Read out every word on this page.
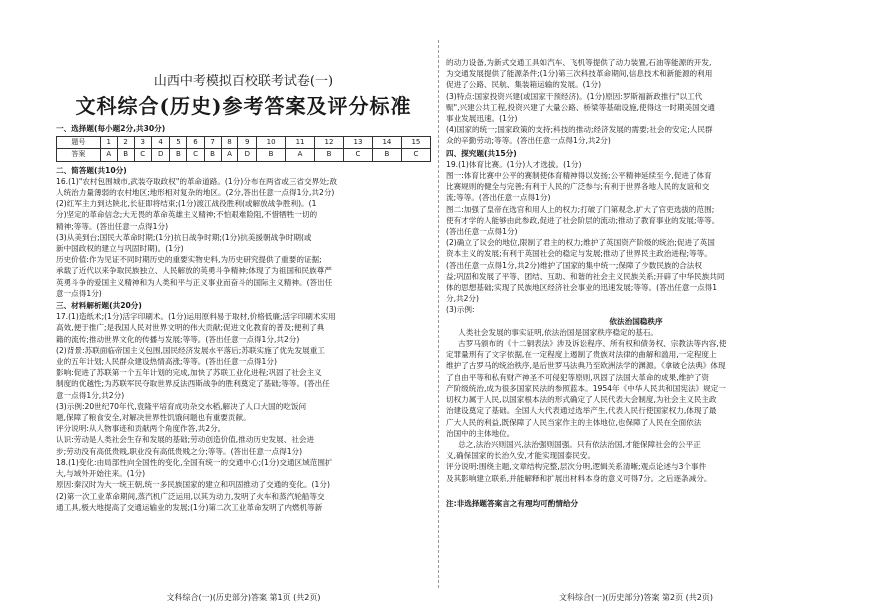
山西中考模拟百校联考试卷(一)
文科综合(历史)参考答案及评分标准
一、选择题(每小题2分,共30分)
题号	1	2	3	4	5	6	7	8	9	10	11	12	13	14	15
答案	A	B	C	D	B	C	B	A	D	B	A	B	C	B	C
二、简答题(共10分)
16.(1)"农村包围城市,武装夺取政权"的革命道路。(1分)分布在两省或三省交界处;敌
人统治力量薄弱的农村地区;地形相对复杂的地区。(2分,答出任意一点得1分,共2分)
(2)红军主力到达陕北,长征即将结束;(1分)渡江战役胜利(或解放战争胜利)。(1
分)坚定的革命信念;大无畏的革命英雄主义精神;不怕艰难险阻,不惜牺牲一切的
精神;等等。(答出任意一点得1分)
(3)从美到台;国民大革命时期;(1分)抗日战争时期;(1分)抗美援朝战争时期(或
新中国政权的建立与巩固时期)。(1分)
历史价值:作为见证不同时期历史的重要实物史料,为历史研究提供了重要的证据;
承载了近代以来争取民族独立、人民解放的英勇斗争精神;体现了为祖国和民族尊严
英勇斗争的爱国主义精神和为人类和平与正义事业而奋斗的国际主义精神。(答出任
意一点得1分)
三、材料解析题(共20分)
17.(1)造纸术;(1分)活字印刷术。(1分)运用原料易于取材,价格低廉;活字印刷术实用
高效,便于推广;是我国人民对世界文明的伟大贡献;促进文化教育的普及;便利了典
籍的流传;推动世界文化的传播与发展;等等。(答出任意一点得1分,共2分)
(2)背景:苏联面临帝国主义包围,国民经济发展水平落后;苏联实施了优先发展重工
业的五年计划;人民群众建设热情高涨;等等。(答出任意一点得1分)
影响:促进了苏联第一个五年计划的完成,加快了苏联工业化进程;巩固了社会主义
制度的优越性;为苏联军民夺取世界反法西斯战争的胜利奠定了基础;等等。(答出任
意一点得1分,共2分)
(3)示例:20世纪70年代,袁隆平培育成功杂交水稻,解决了人口大国的吃饭问
题,保障了粮食安全,对解决世界性饥饿问题也有重要贡献。
评分说明:从人物事迹和贡献两个角度作答,共2分。
认识:劳动是人类社会生存和发展的基础;劳动创造价值,推动历史发展、社会进
步;劳动没有高低贵贱,职业没有高低贵贱之分;等等。(答出任意一点得1分)
18.(1)变化:由局部性向全国性的变化,全国有统一的交通中心;(1分)交通区域范围扩
大,与域外开始往来。(1分)
原因:秦汉时为大一统王朝,统一多民族国家的建立和巩固推动了交通的变化。(1分)
(2)第一次工业革命期间,蒸汽机广泛运用,以其为动力,发明了火车和蒸汽轮船等交
通工具,极大地提高了交通运输业的发展;(1分)第二次工业革命发明了内燃机等新
文科综合(一)(历史部分)答案 第1页 (共2页)
的动力设备,为新式交通工具如汽车、飞机等提供了动力装置,石油等能源的开发,
为交通发展提供了能源条件;(1分)第三次科技革命期间,信息技术和新能源的利用
促进了公路、民航、集装箱运输的发展。(1分)
(3)特点:国家投资兴建(或国家干预经济)。(1分)原因:罗斯福新政推行"以工代
赈",兴建公共工程,投资兴建了大量公路、桥梁等基础设施,使得这一时期美国交通
事业发展迅速。(1分)
(4)国家的统一;国家政策的支持;科技的推动;经济发展的需要;社会的安定;人民群
众的辛勤劳动;等等。(答出任意一点得1分,共2分)
四、探究题(共15分)
19.(1)体育比赛。(1分)人才选拔。(1分)
图一:体育比赛中公平的赛制使体育精神得以发扬;公平精神延续至今,促进了体育
比赛规则的健全与完善;有利于人民的广泛参与;有利于世界各地人民的友谊和交
流;等等。(答出任意一点得1分)
图二:加强了皇帝在选官和用人上的权力;打破了门第观念,扩大了官吏选拔的范围;
使有才学的人能够由此参政,促进了社会阶层的流动;推动了教育事业的发展;等等。
(答出任意一点得1分)
(2)确立了议会的地位,限制了君主的权力;维护了英国资产阶级的统治;促进了英国
资本主义的发展;有利于英国社会的稳定与发展;推动了世界民主政治进程;等等。
(答出任意一点得1分,共2分)维护了国家的集中统一;保障了少数民族的合法权
益;巩固和发展了平等、团结、互助、和谐的社会主义民族关系;开辟了中华民族共同
体的思想基础;实现了民族地区经济社会事业的迅速发展;等等。(答出任意一点得1
分,共2分)
(3)示例:
依法治国稳秩序
人类社会发展的事实证明,依法治国是国家秩序稳定的基石。
古罗马颁布的《十二铜表法》涉及诉讼程序、所有权和债务权、宗教法等内容,使
定罪量刑有了文字依据,在一定程度上遏制了贵族对法律的曲解和滥用,一定程度上
维护了古罗马的统治秩序,是后世罗马法典乃至欧洲法学的渊源。《拿破仑法典》体现
了自由平等和私有财产神圣不可侵犯等原则,巩固了法国大革命的成果,维护了资
产阶级统治,成为很多国家民法的参照蓝本。1954年《中华人民共和国宪法》规定一
切权力属于人民,以国家根本法的形式确定了人民代表大会制度,为社会主义民主政
治建设奠定了基础。全国人大代表通过选举产生,代表人民行使国家权力,体现了最
广大人民的利益,既保障了人民当家作主的主体地位,也保障了人民在全面依法
治国中的主体地位。
总之,法治兴则国兴,法治强则国强。只有依法治国,才能保障社会的公平正
义,确保国家的长治久安,才能实现国泰民安。
评分说明:围绕主题,文章结构完整,层次分明,逻辑关系清晰;观点论述与3个事件
及其影响建立联系,并能解释和扩展出材料本身的意义可得7分。之后逐条减分。
注:非选择题答案言之有理均可酌情给分
文科综合(一)(历史部分)答案 第2页 (共2页)
